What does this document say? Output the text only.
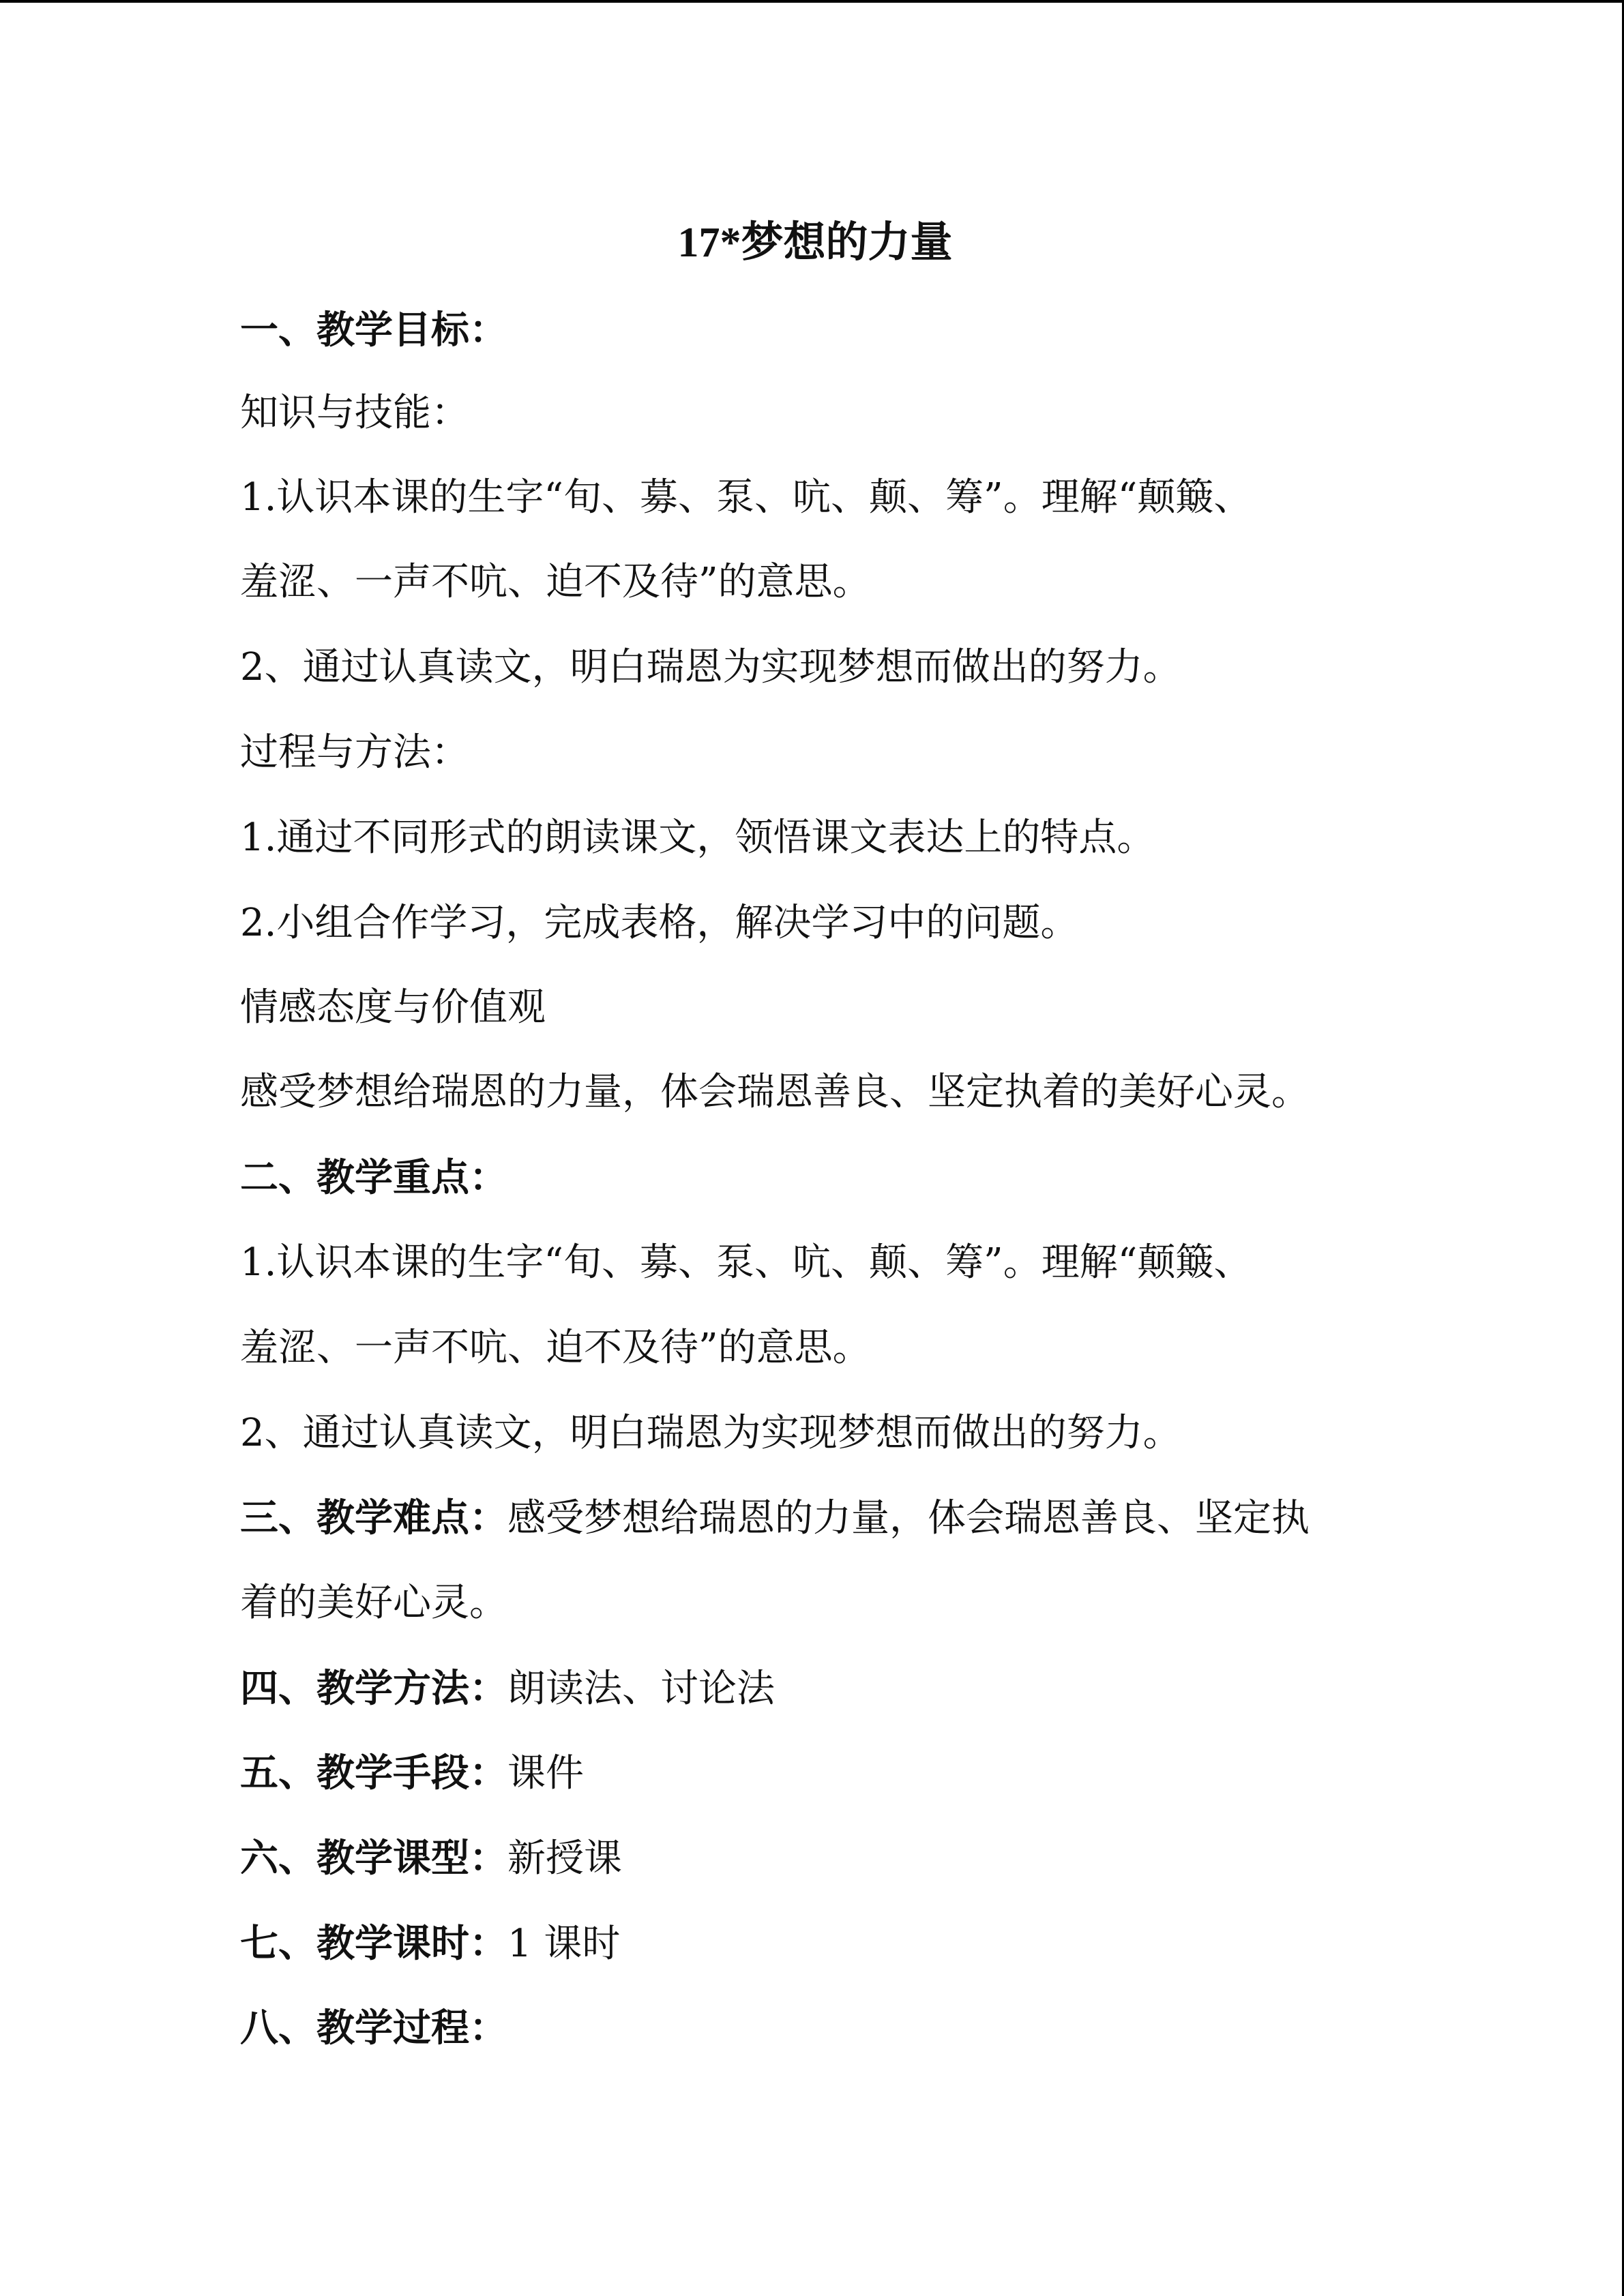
17*梦想的力量
一、教学目标：
知识与技能：
1.认识本课的生字“旬、募、泵、吭、颠、筹”。理解“颠簸、
羞涩、一声不吭、迫不及待”的意思。
2、通过认真读文，明白瑞恩为实现梦想而做出的努力。
过程与方法：
1.通过不同形式的朗读课文，领悟课文表达上的特点。
2.小组合作学习，完成表格，解决学习中的问题。
情感态度与价值观
感受梦想给瑞恩的力量，体会瑞恩善良、坚定执着的美好心灵。
二、教学重点：
1.认识本课的生字“旬、募、泵、吭、颠、筹”。理解“颠簸、
羞涩、一声不吭、迫不及待”的意思。
2、通过认真读文，明白瑞恩为实现梦想而做出的努力。
三、教学难点：感受梦想给瑞恩的力量，体会瑞恩善良、坚定执
着的美好心灵。
四、教学方法：朗读法、讨论法
五、教学手段：课件
六、教学课型：新授课
七、教学课时：1 课时
八、教学过程：
